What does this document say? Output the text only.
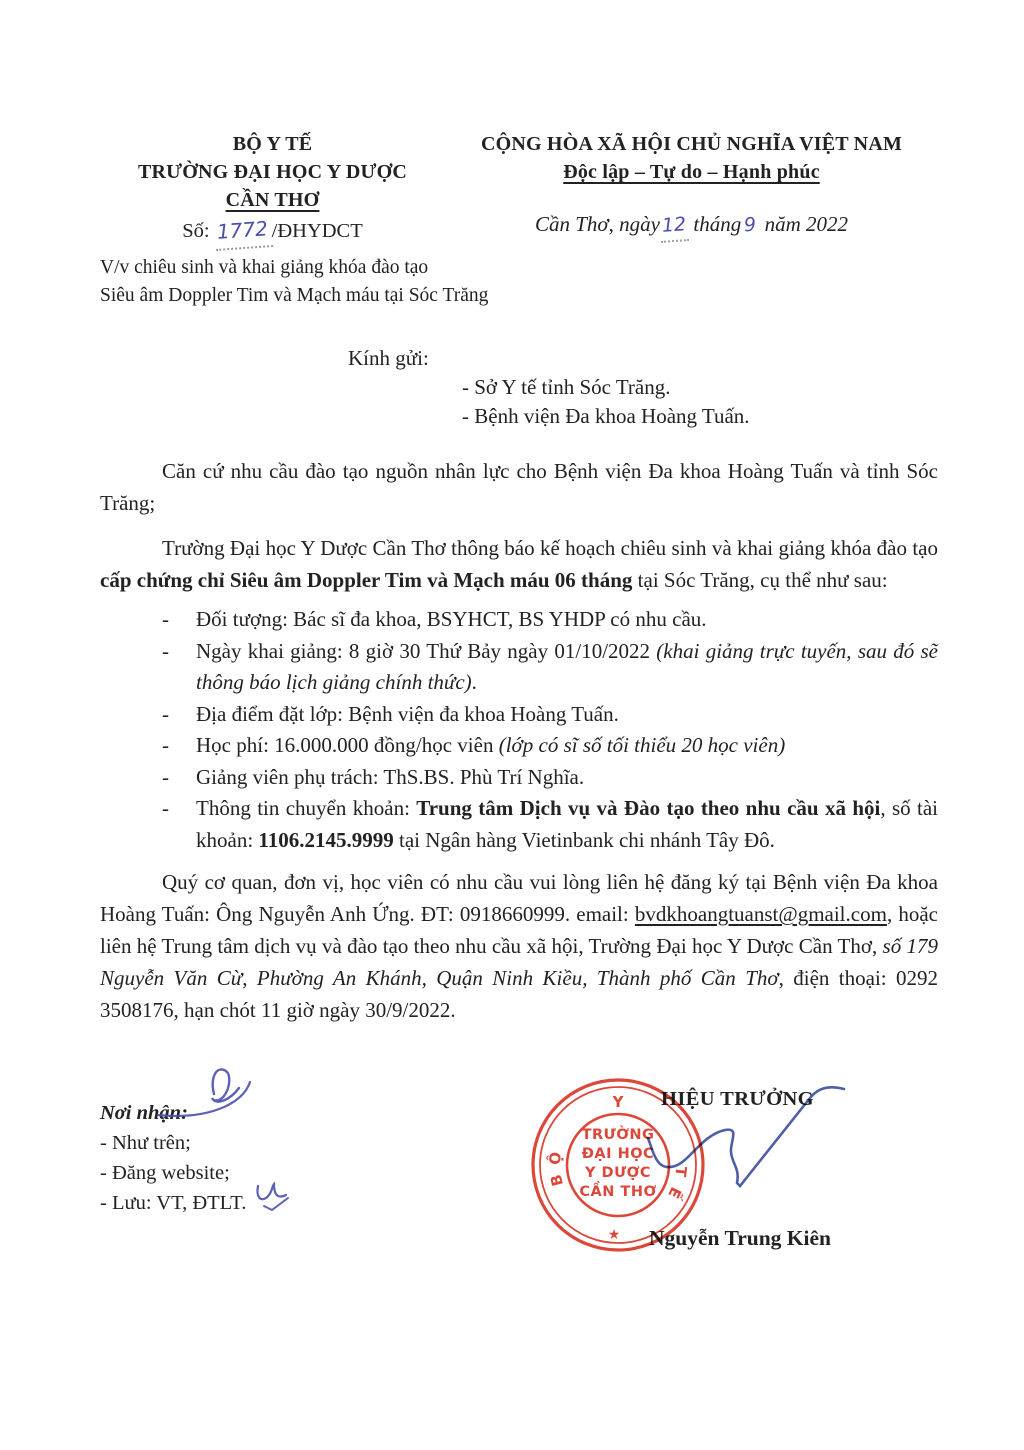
BỘ Y TẾ
TRƯỜNG ĐẠI HỌC Y DƯỢC
CẦN THƠ
Số: 1772 /ĐHYDCT
CỘNG HÒA XÃ HỘI CHỦ NGHĨA VIỆT NAM
Độc lập – Tự do – Hạnh phúc
Cần Thơ, ngày12 tháng 9 năm 2022
V/v chiêu sinh và khai giảng khóa đào tạo
Siêu âm Doppler Tim và Mạch máu tại Sóc Trăng
Kính gửi:
- Sở Y tế tỉnh Sóc Trăng.
- Bệnh viện Đa khoa Hoàng Tuấn.

Căn cứ nhu cầu đào tạo nguồn nhân lực cho Bệnh viện Đa khoa Hoàng Tuấn và tỉnh Sóc Trăng;

Trường Đại học Y Dược Cần Thơ thông báo kế hoạch chiêu sinh và khai giảng khóa đào tạo cấp chứng chỉ Siêu âm Doppler Tim và Mạch máu 06 tháng tại Sóc Trăng, cụ thể như sau:

- Đối tượng: Bác sĩ đa khoa, BSYHCT, BS YHDP có nhu cầu.
- Ngày khai giảng: 8 giờ 30 Thứ Bảy ngày 01/10/2022 (khai giảng trực tuyến, sau đó sẽ thông báo lịch giảng chính thức).
- Địa điểm đặt lớp: Bệnh viện đa khoa Hoàng Tuấn.
- Học phí: 16.000.000 đồng/học viên (lớp có sĩ số tối thiểu 20 học viên)
- Giảng viên phụ trách: ThS.BS. Phù Trí Nghĩa.
- Thông tin chuyển khoản: Trung tâm Dịch vụ và Đào tạo theo nhu cầu xã hội, số tài khoản: 1106.2145.9999 tại Ngân hàng Vietinbank chi nhánh Tây Đô.

Quý cơ quan, đơn vị, học viên có nhu cầu vui lòng liên hệ đăng ký tại Bệnh viện Đa khoa Hoàng Tuấn: Ông Nguyễn Anh Ứng. ĐT: 0918660999. email: bvdkhoangtuanst@gmail.com, hoặc liên hệ Trung tâm dịch vụ và đào tạo theo nhu cầu xã hội, Trường Đại học Y Dược Cần Thơ, số 179 Nguyễn Văn Cừ, Phường An Khánh, Quận Ninh Kiều, Thành phố Cần Thơ, điện thoại: 0292 3508176, hạn chót 11 giờ ngày 30/9/2022.

Nơi nhận:
- Như trên;
- Đăng website;
- Lưu: VT, ĐTLT.
HIỆU TRƯỞNG
Nguyễn Trung Kiên
Y
Ộ
B
T
Ế
★
TRƯỜNG
ĐẠI HỌC
Y DƯỢC
CẦN THƠ
